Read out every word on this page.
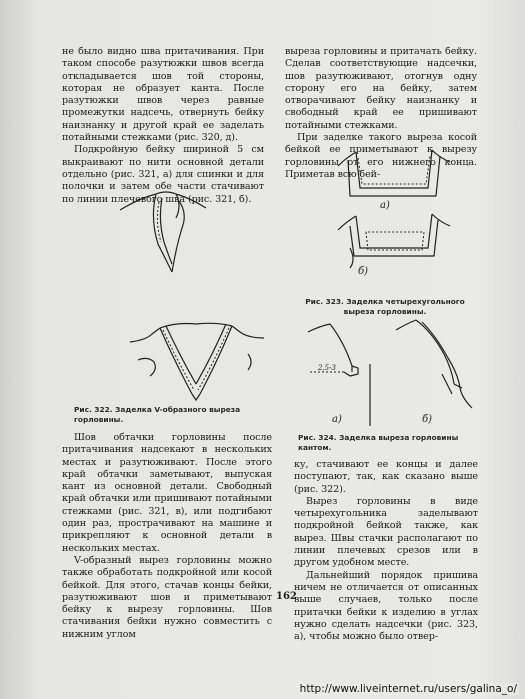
не было видно шва притачивания. При таком способе разутюжки швов всегда откладывается шов той стороны, которая не образует канта. После разутюжки швов через равные промежутки надсечь, отвернуть бейку наизнанку и другой край ее заделать потайными стежками (рис. 320, д).

Подкройную бейку шириной 5 см выкраивают по нити основной детали отдельно (рис. 321, а) для спинки и для полочки и затем обе части стачивают по линии плечевого шва (рис. 321, б).

Рис. 322. Заделка V-образного выреза горловины.

Шов обтачки горловины после притачивания надсекают в нескольких местах и разутюживают. После этого край обтачки заметывают, выпуская кант из основной детали. Свободный край обтачки или пришивают потайными стежками (рис. 321, в), или подгибают один раз, прострачивают на машине и прикрепляют к основной детали в нескольких местах.

V-образный вырез горловины можно также обработать подкройной или косой бейкой. Для этого, стачав концы бейки, разутюживают шов и приметывают бейку к вырезу горловины. Шов стачивания бейки нужно совместить с нижним углом

выреза горловины и притачать бейку. Сделав соответствующие надсечки, шов разутюживают, отогнув одну сторону его на бейку, затем отворачивают бейку наизнанку и свободный край ее пришивают потайными стежками.

При заделке такого выреза косой бейкой ее приметывают к вырезу горловины от его нижнего конца. Приметав всю бей-

а)
б)
Рис. 323. Заделка четырехугольного выреза горловины.
2,5-3
а)	б)
Рис. 324. Заделка выреза горловины кантом.

ку, стачивают ее концы и далее поступают, так, как сказано выше (рис. 322).

Вырез горловины в виде четырехугольника заделывают подкройной бейкой также, как вырез. Швы стачки располагают по линии плечевых срезов или в другом удобном месте.

Дальнейший порядок пришива ничем не отличается от описанных выше случаев, только после притачки бейки к изделию в углах нужно сделать надсечки (рис. 323, а), чтобы можно было отвер-

162
http://www.liveinternet.ru/users/galina_o/
